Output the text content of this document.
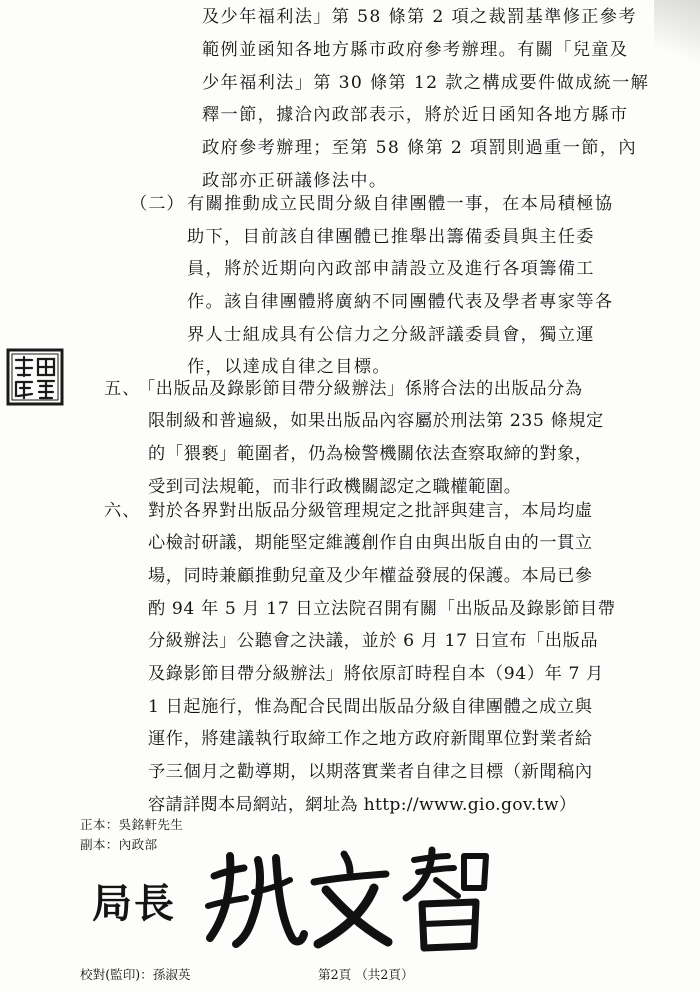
及少年福利法」第 58 條第 2 項之裁罰基準修正參考
範例並函知各地方縣市政府參考辦理。有關「兒童及
少年福利法」第 30 條第 12 款之構成要件做成統一解
釋一節，據洽內政部表示，將於近日函知各地方縣市
政府參考辦理；至第 58 條第 2 項罰則過重一節，內
政部亦正研議修法中。
（二） 有關推動成立民間分級自律團體一事，在本局積極協
助下，目前該自律團體已推舉出籌備委員與主任委
員，將於近期向內政部申請設立及進行各項籌備工
作。該自律團體將廣納不同團體代表及學者專家等各
界人士組成具有公信力之分級評議委員會，獨立運
作，以達成自律之目標。
五、
「出版品及錄影節目帶分級辦法」係將合法的出版品分為
限制級和普遍級，如果出版品內容屬於刑法第 235 條規定
的「猥褻」範圍者，仍為檢警機關依法查察取締的對象，
受到司法規範，而非行政機關認定之職權範圍。
六、 對於各界對出版品分級管理規定之批評與建言，本局均虛
心檢討研議，期能堅定維護創作自由與出版自由的一貫立
場，同時兼顧推動兒童及少年權益發展的保護。本局已參
酌 94 年 5 月 17 日立法院召開有關「出版品及錄影節目帶
分級辦法」公聽會之決議，並於 6 月 17 日宣布「出版品
及錄影節目帶分級辦法」將依原訂時程自本（94）年 7 月
1 日起施行，惟為配合民間出版品分級自律團體之成立與
運作，將建議執行取締工作之地方政府新聞單位對業者給
予三個月之勸導期，以期落實業者自律之目標（新聞稿內
容請詳閱本局網站，網址為 http://www.gio.gov.tw）
正本：吳銘軒先生
副本：內政部
局長
校對(監印)：孫淑英	第2頁 （共2頁）
